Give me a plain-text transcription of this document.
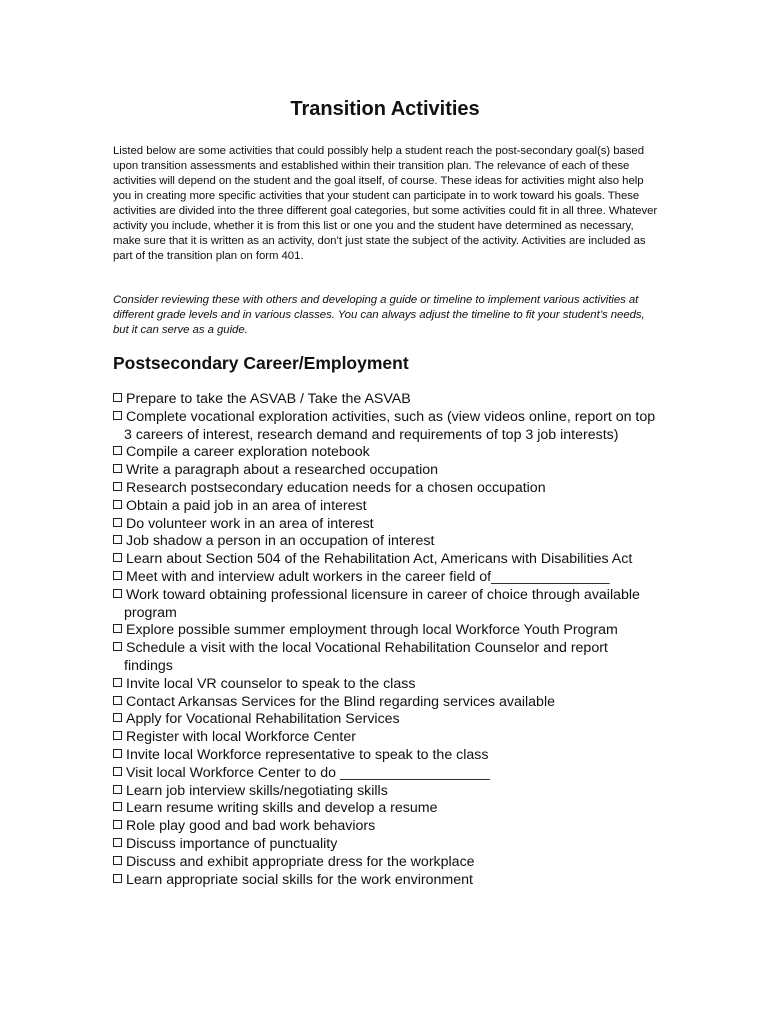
Transition Activities

Listed below are some activities that could possibly help a student reach the post-secondary goal(s) based upon transition assessments and established within their transition plan. The relevance of each of these activities will depend on the student and the goal itself, of course. These ideas for activities might also help you in creating more specific activities that your student can participate in to work toward his goals. These activities are divided into the three different goal categories, but some activities could fit in all three. Whatever activity you include, whether it is from this list or one you and the student have determined as necessary, make sure that it is written as an activity, don’t just state the subject of the activity. Activities are included as part of the transition plan on form 401.

Consider reviewing these with others and developing a guide or timeline to implement various activities at different grade levels and in various classes. You can always adjust the timeline to fit your student’s needs, but it can serve as a guide.

Postsecondary Career/Employment
Prepare to take the ASVAB / Take the ASVAB
Complete vocational exploration activities, such as (view videos online, report on top 3 careers of interest, research demand and requirements of top 3 job interests)
Compile a career exploration notebook
Write a paragraph about a researched occupation
Research postsecondary education needs for a chosen occupation
Obtain a paid job in an area of interest
Do volunteer work in an area of interest
Job shadow a person in an occupation of interest
Learn about Section 504 of the Rehabilitation Act, Americans with Disabilities Act
Meet with and interview adult workers in the career field of_______________
Work toward obtaining professional licensure in career of choice through available program
Explore possible summer employment through local Workforce Youth Program
Schedule a visit with the local Vocational Rehabilitation Counselor and report findings
Invite local VR counselor to speak to the class
Contact Arkansas Services for the Blind regarding services available
Apply for Vocational Rehabilitation Services
Register with local Workforce Center
Invite local Workforce representative to speak to the class
Visit local Workforce Center to do ___________________
Learn job interview skills/negotiating skills
Learn resume writing skills and develop a resume
Role play good and bad work behaviors
Discuss importance of punctuality
Discuss and exhibit appropriate dress for the workplace
Learn appropriate social skills for the work environment
